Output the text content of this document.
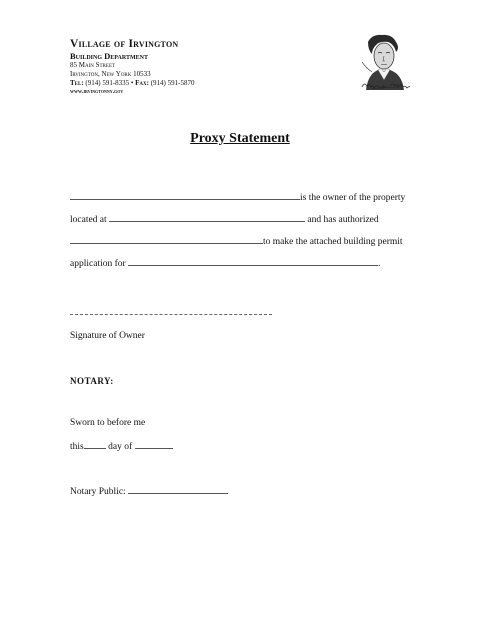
Village of Irvington
Building Department
85 Main Street
Irvington, New York 10533
Tel: (914) 591-8335 • Fax: (914) 591-5870
www.irvingtonny.gov
Proxy Statement
is the owner of the property
located at	and has authorized
to make the attached building permit
application for	.
Signature of Owner
NOTARY:
Sworn to before me
this	day of
Notary Public:
